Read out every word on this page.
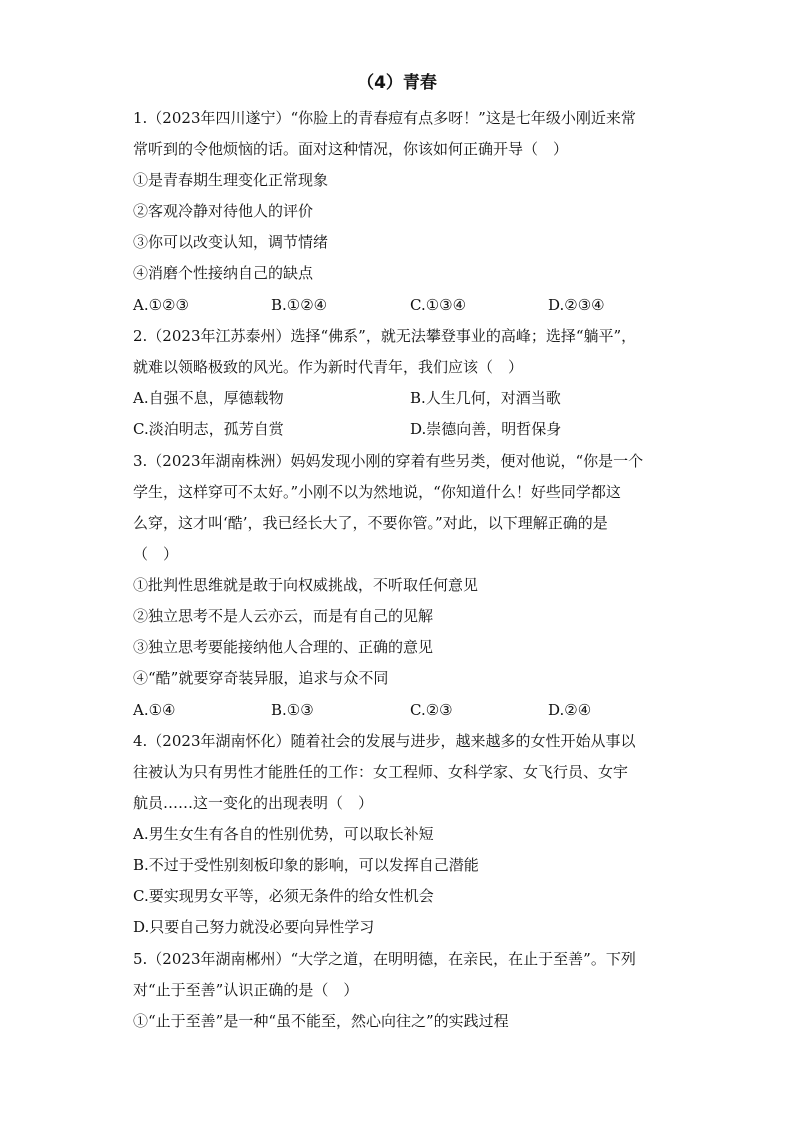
（4）青春
1.（2023年四川遂宁）“你脸上的青春痘有点多呀！”这是七年级小刚近来常
常听到的令他烦恼的话。面对这种情况，你该如何正确开导（　）
①是青春期生理变化正常现象
②客观冷静对待他人的评价
③你可以改变认知，调节情绪
④消磨个性接纳自己的缺点
A.①②③	B.①②④	C.①③④	D.②③④
2.（2023年江苏泰州）选择“佛系”，就无法攀登事业的高峰；选择“躺平”，
就难以领略极致的风光。作为新时代青年，我们应该（　）
A.自强不息，厚德载物	B.人生几何，对酒当歌
C.淡泊明志，孤芳自赏	D.崇德向善，明哲保身
3.（2023年湖南株洲）妈妈发现小刚的穿着有些另类，便对他说，“你是一个
学生，这样穿可不太好。”小刚不以为然地说，“你知道什么！好些同学都这
么穿，这才叫‘酷’，我已经长大了，不要你管。”对此，以下理解正确的是
（　）
①批判性思维就是敢于向权威挑战，不听取任何意见
②独立思考不是人云亦云，而是有自己的见解
③独立思考要能接纳他人合理的、正确的意见
④“酷”就要穿奇装异服，追求与众不同
A.①④	B.①③	C.②③	D.②④
4.（2023年湖南怀化）随着社会的发展与进步，越来越多的女性开始从事以
往被认为只有男性才能胜任的工作：女工程师、女科学家、女飞行员、女宇
航员……这一变化的出现表明（　）
A.男生女生有各自的性别优势，可以取长补短
B.不过于受性别刻板印象的影响，可以发挥自己潜能
C.要实现男女平等，必须无条件的给女性机会
D.只要自己努力就没必要向异性学习
5.（2023年湖南郴州）“大学之道，在明明德，在亲民，在止于至善”。下列
对“止于至善”认识正确的是（　）
①“止于至善”是一种“虽不能至，然心向往之”的实践过程
